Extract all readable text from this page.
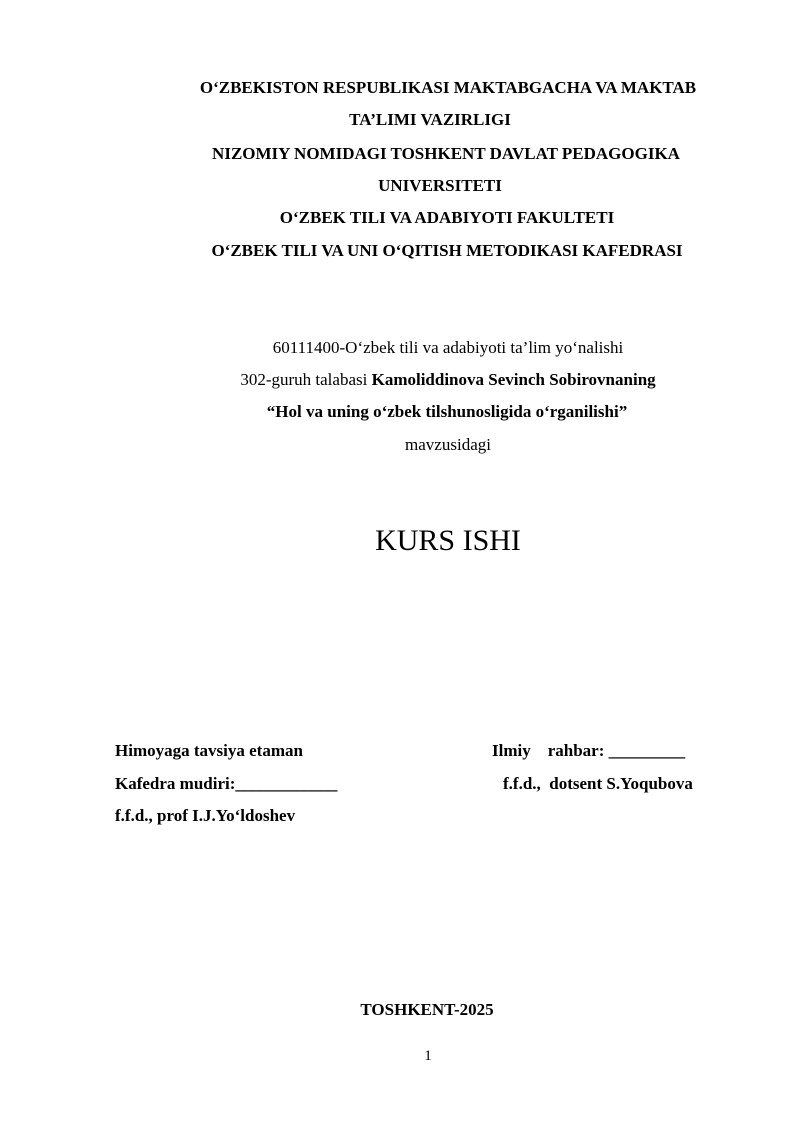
O‘ZBEKISTON RESPUBLIKASI MAKTABGACHA VA MAKTAB
TA’LIMI VAZIRLIGI
NIZOMIY NOMIDAGI TOSHKENT DAVLAT PEDAGOGIKA
UNIVERSITETI
O‘ZBEK TILI VA ADABIYOTI FAKULTETI
O‘ZBEK TILI VA UNI O‘QITISH METODIKASI KAFEDRASI
60111400-O‘zbek tili va adabiyoti ta’lim yo‘nalishi
302-guruh talabasi Kamoliddinova Sevinch Sobirovnaning
“Hol va uning o‘zbek tilshunosligida o‘rganilishi”
mavzusidagi
KURS ISHI
Himoyaga tavsiya etaman
Kafedra mudiri:____________
f.f.d., prof I.J.Yo‘ldoshev
Ilmiy    rahbar: _________
f.f.d.,  dotsent S.Yoqubova
TOSHKENT-2025
1
